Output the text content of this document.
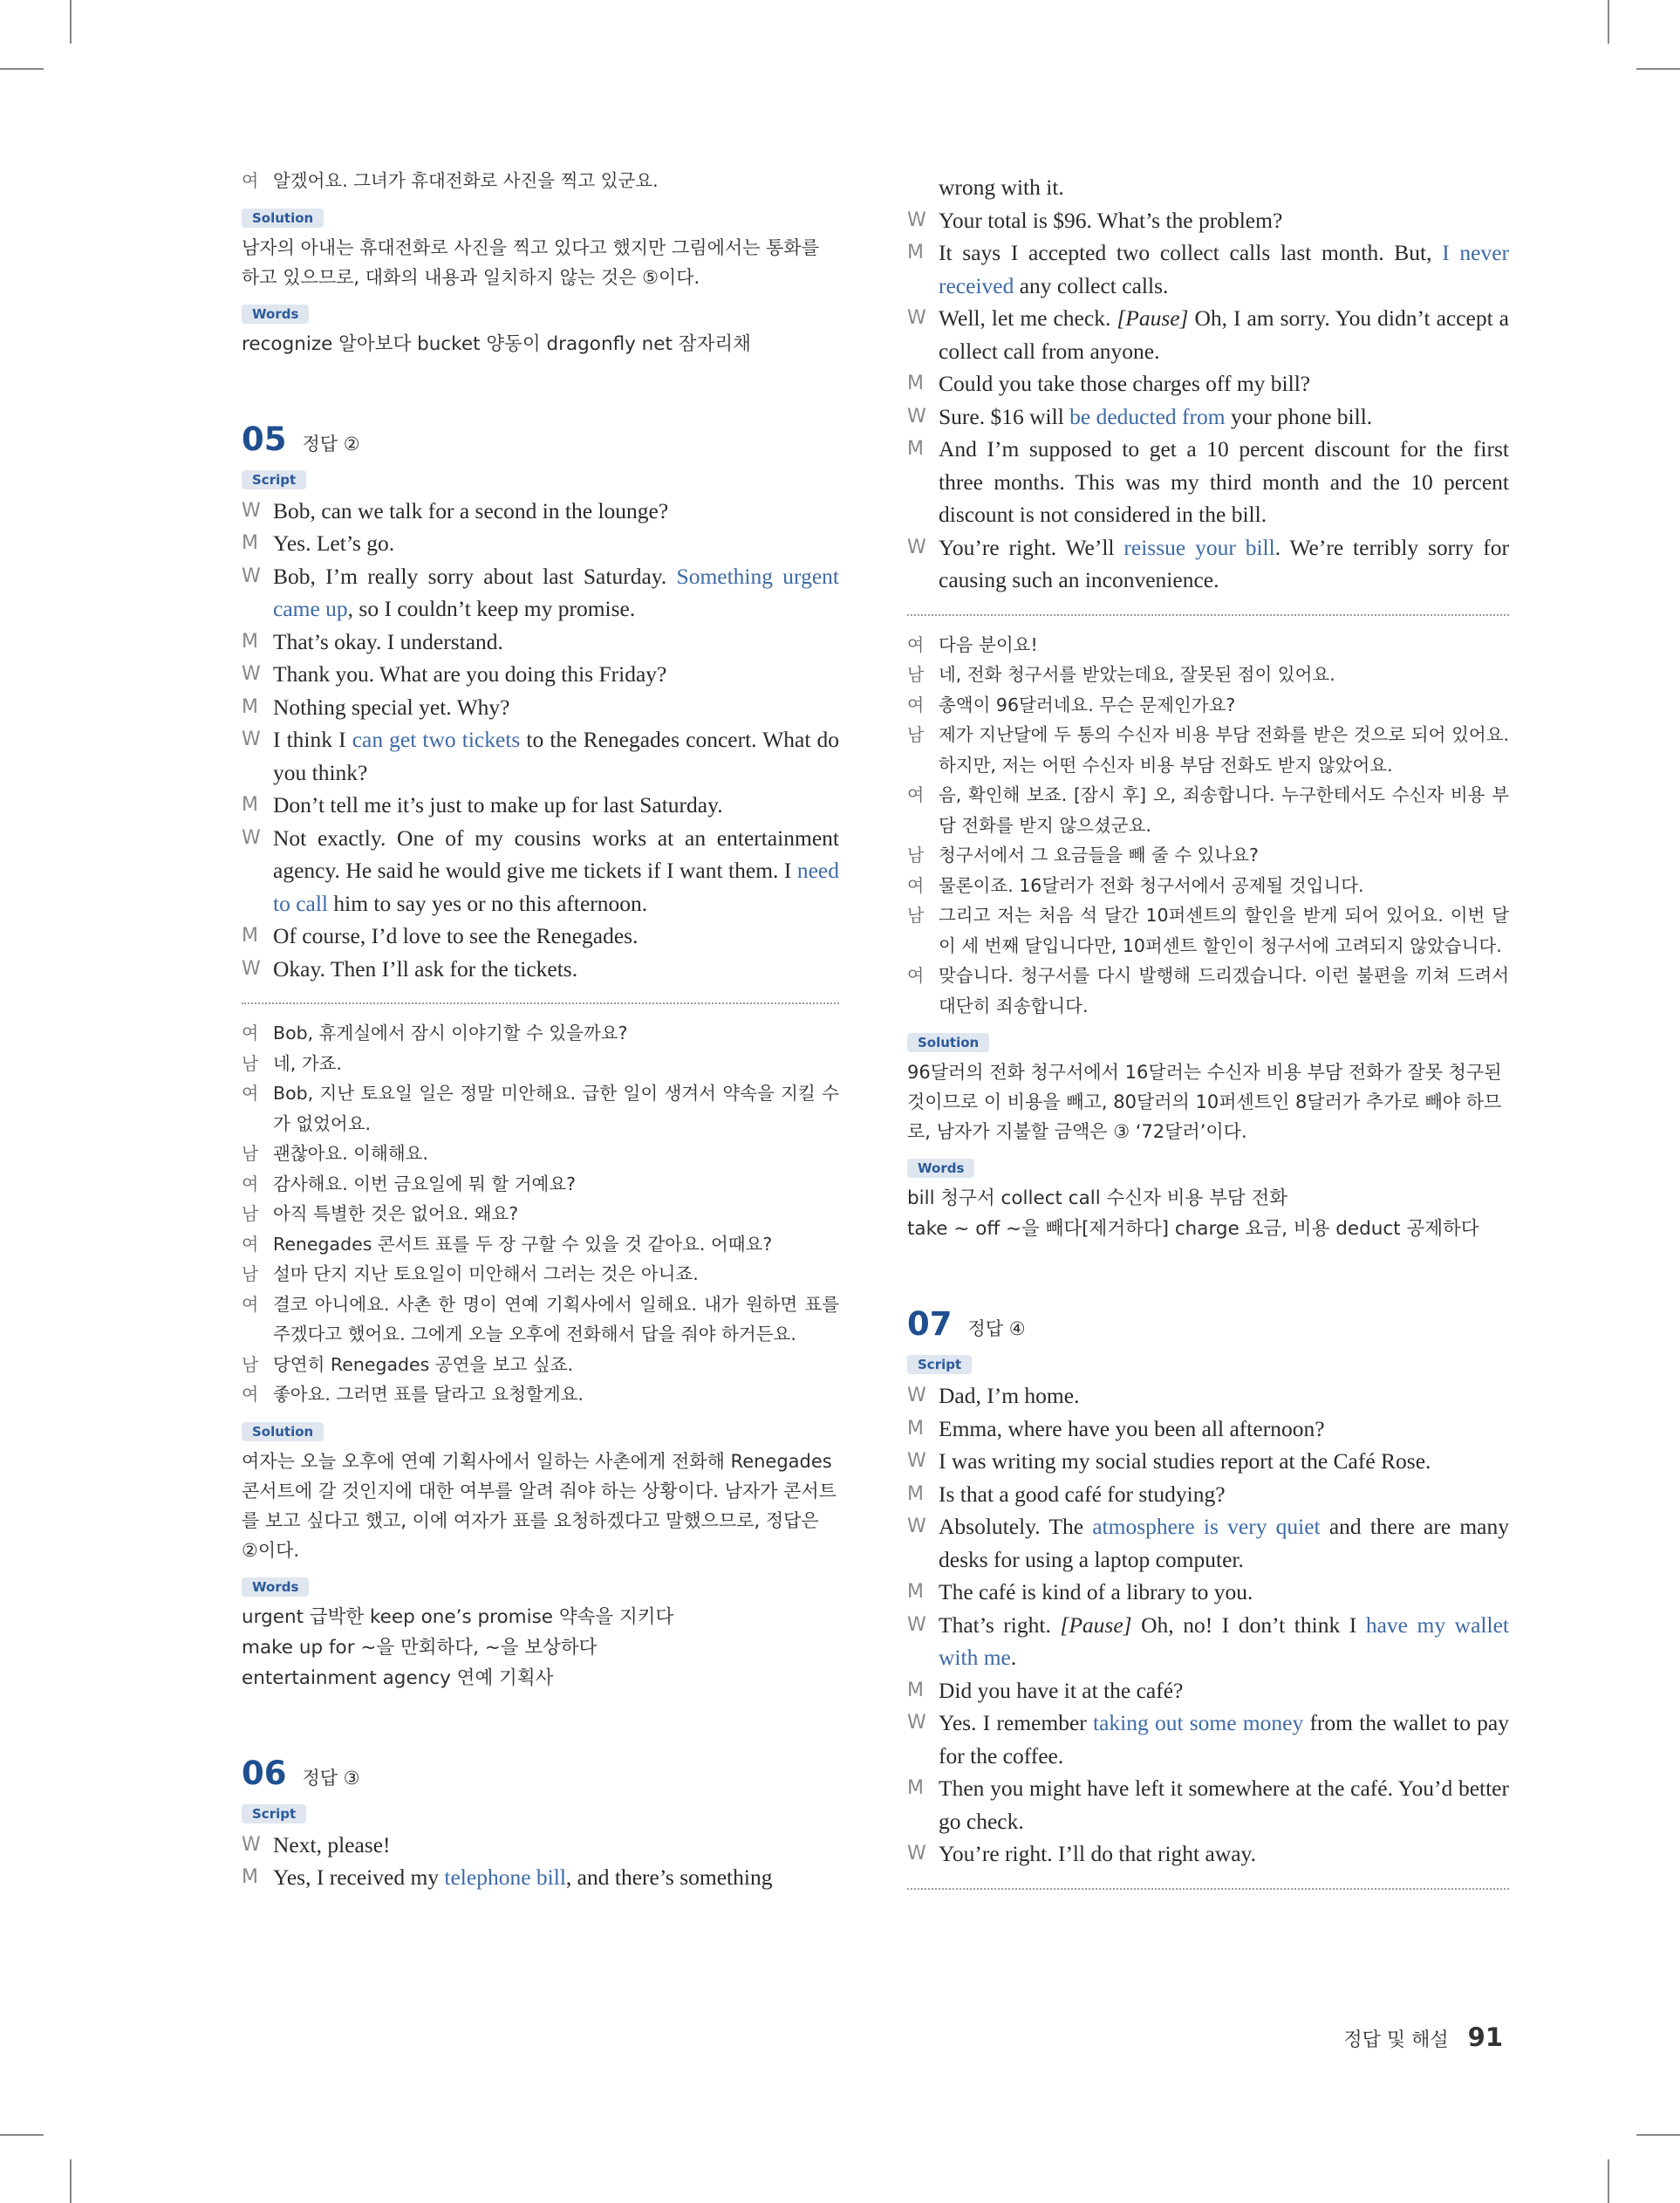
여 알겠어요. 그녀가 휴대전화로 사진을 찍고 있군요.
Solution

남자의 아내는 휴대전화로 사진을 찍고 있다고 했지만 그림에서는 통화를 하고 있으므로, 대화의 내용과 일치하지 않는 것은 ⑤이다.

Words

recognize 알아보다 bucket 양동이 dragonfly net 잠자리채

05 정답 ②
Script
W Bob, can we talk for a second in the lounge?
M Yes. Let’s go.
W Bob, I’m really sorry about last Saturday. Something urgent came up, so I couldn’t keep my promise.
M That’s okay. I understand.
W Thank you. What are you doing this Friday?
M Nothing special yet. Why?
W I think I can get two tickets to the Renegades concert. What do you think?
M Don’t tell me it’s just to make up for last Saturday.
W Not exactly. One of my cousins works at an entertainment agency. He said he would give me tickets if I want them. I need to call him to say yes or no this afternoon.
M Of course, I’d love to see the Renegades.
W Okay. Then I’ll ask for the tickets.
여 Bob, 휴게실에서 잠시 이야기할 수 있을까요?
남 네, 가죠.
여 Bob, 지난 토요일 일은 정말 미안해요. 급한 일이 생겨서 약속을 지킬 수가 없었어요.
남 괜찮아요. 이해해요.
여 감사해요. 이번 금요일에 뭐 할 거예요?
남 아직 특별한 것은 없어요. 왜요?
여 Renegades 콘서트 표를 두 장 구할 수 있을 것 같아요. 어때요?
남 설마 단지 지난 토요일이 미안해서 그러는 것은 아니죠.
여 결코 아니에요. 사촌 한 명이 연예 기획사에서 일해요. 내가 원하면 표를 주겠다고 했어요. 그에게 오늘 오후에 전화해서 답을 줘야 하거든요.
남 당연히 Renegades 공연을 보고 싶죠.
여 좋아요. 그러면 표를 달라고 요청할게요.
Solution

여자는 오늘 오후에 연예 기획사에서 일하는 사촌에게 전화해 Renegades 콘서트에 갈 것인지에 대한 여부를 알려 줘야 하는 상황이다. 남자가 콘서트를 보고 싶다고 했고, 이에 여자가 표를 요청하겠다고 말했으므로, 정답은 ②이다.

Words

urgent 급박한 keep one’s promise 약속을 지키다

make up for ~을 만회하다, ~을 보상하다

entertainment agency 연예 기획사

06 정답 ③
Script
W Next, please!
M Yes, I received my telephone bill, and there’s something
wrong with it.
W Your total is $96. What’s the problem?
M It says I accepted two collect calls last month. But, I never received any collect calls.
W Well, let me check. [Pause] Oh, I am sorry. You didn’t accept a collect call from anyone.
M Could you take those charges off my bill?
W Sure. $16 will be deducted from your phone bill.
M And I’m supposed to get a 10 percent discount for the first three months. This was my third month and the 10 percent discount is not considered in the bill.
W You’re right. We’ll reissue your bill. We’re terribly sorry for causing such an inconvenience.
여 다음 분이요!
남 네, 전화 청구서를 받았는데요, 잘못된 점이 있어요.
여 총액이 96달러네요. 무슨 문제인가요?
남 제가 지난달에 두 통의 수신자 비용 부담 전화를 받은 것으로 되어 있어요. 하지만, 저는 어떤 수신자 비용 부담 전화도 받지 않았어요.
여 음, 확인해 보죠. [잠시 후] 오, 죄송합니다. 누구한테서도 수신자 비용 부담 전화를 받지 않으셨군요.
남 청구서에서 그 요금들을 빼 줄 수 있나요?
여 물론이죠. 16달러가 전화 청구서에서 공제될 것입니다.
남 그리고 저는 처음 석 달간 10퍼센트의 할인을 받게 되어 있어요. 이번 달이 세 번째 달입니다만, 10퍼센트 할인이 청구서에 고려되지 않았습니다.
여 맞습니다. 청구서를 다시 발행해 드리겠습니다. 이런 불편을 끼쳐 드려서 대단히 죄송합니다.
Solution

96달러의 전화 청구서에서 16달러는 수신자 비용 부담 전화가 잘못 청구된 것이므로 이 비용을 빼고, 80달러의 10퍼센트인 8달러가 추가로 빼야 하므로, 남자가 지불할 금액은 ③ ‘72달러’이다.

Words

bill 청구서 collect call 수신자 비용 부담 전화

take ~ off ~을 빼다[제거하다] charge 요금, 비용 deduct 공제하다

07 정답 ④
Script
W Dad, I’m home.
M Emma, where have you been all afternoon?
W I was writing my social studies report at the Café Rose.
M Is that a good café for studying?
W Absolutely. The atmosphere is very quiet and there are many desks for using a laptop computer.
M The café is kind of a library to you.
W That’s right. [Pause] Oh, no! I don’t think I have my wallet with me.
M Did you have it at the café?
W Yes. I remember taking out some money from the wallet to pay for the coffee.
M Then you might have left it somewhere at the café. You’d better go check.
W You’re right. I’ll do that right away.
정답 및 해설 91
